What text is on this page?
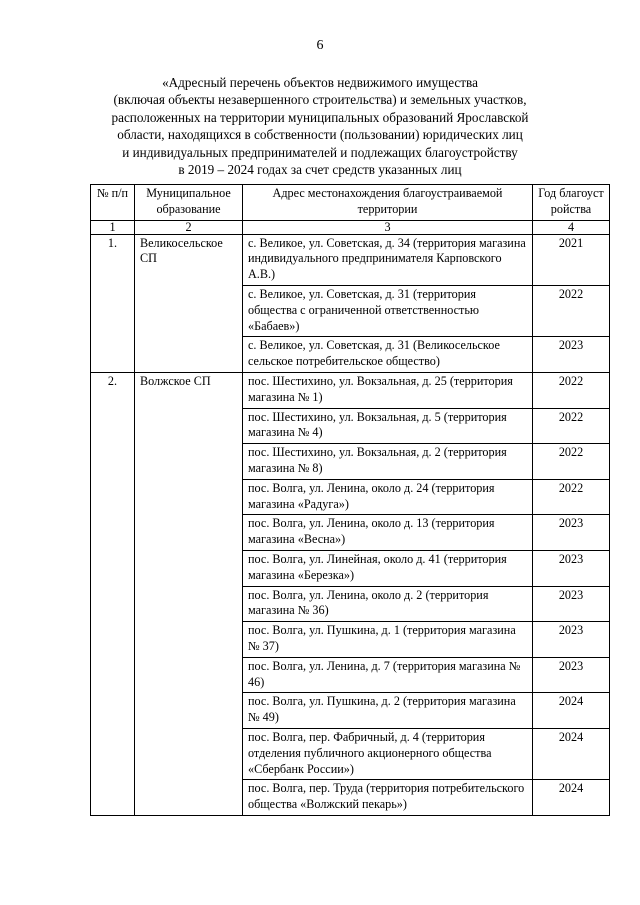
6
«Адресный перечень объектов недвижимого имущества
(включая объекты незавершенного строительства) и земельных участков,
расположенных на территории муниципальных образований Ярославской
области, находящихся в собственности (пользовании) юридических лиц
и индивидуальных предпринимателей и подлежащих благоустройству
в 2019 – 2024 годах за счет средств указанных лиц
№ п/п	Муниципальное образование	Адрес местонахождения благоустраиваемой территории	Год благоустройства
1	2	3	4
1.	Великосельское СП	с. Великое, ул. Советская, д. 34 (территория магазина индивидуального предпринимателя Карповского А.В.)	2021
		с. Великое, ул. Советская, д. 31 (территория общества с ограниченной ответственностью «Бабаев»)	2022
		с. Великое, ул. Советская, д. 31 (Великосельское сельское потребительское общество)	2023
2.	Волжское СП	пос. Шестихино, ул. Вокзальная, д. 25 (территория магазина № 1)	2022
		пос. Шестихино, ул. Вокзальная, д. 5 (территория магазина № 4)	2022
		пос. Шестихино, ул. Вокзальная, д. 2 (территория магазина № 8)	2022
		пос. Волга, ул. Ленина, около д. 24 (территория магазина «Радуга»)	2022
		пос. Волга, ул. Ленина, около д. 13 (территория магазина «Весна»)	2023
		пос. Волга, ул. Линейная, около д. 41 (территория магазина «Березка»)	2023
		пос. Волга, ул. Ленина, около д. 2 (территория магазина № 36)	2023
		пос. Волга, ул. Пушкина, д. 1 (территория магазина № 37)	2023
		пос. Волга, ул. Ленина, д. 7 (территория магазина № 46)	2023
		пос. Волга, ул. Пушкина, д. 2 (территория магазина № 49)	2024
		пос. Волга, пер. Фабричный, д. 4 (территория отделения публичного акционерного общества «Сбербанк России»)	2024
		пос. Волга, пер. Труда (территория потребительского общества «Волжский пекарь»)	2024
